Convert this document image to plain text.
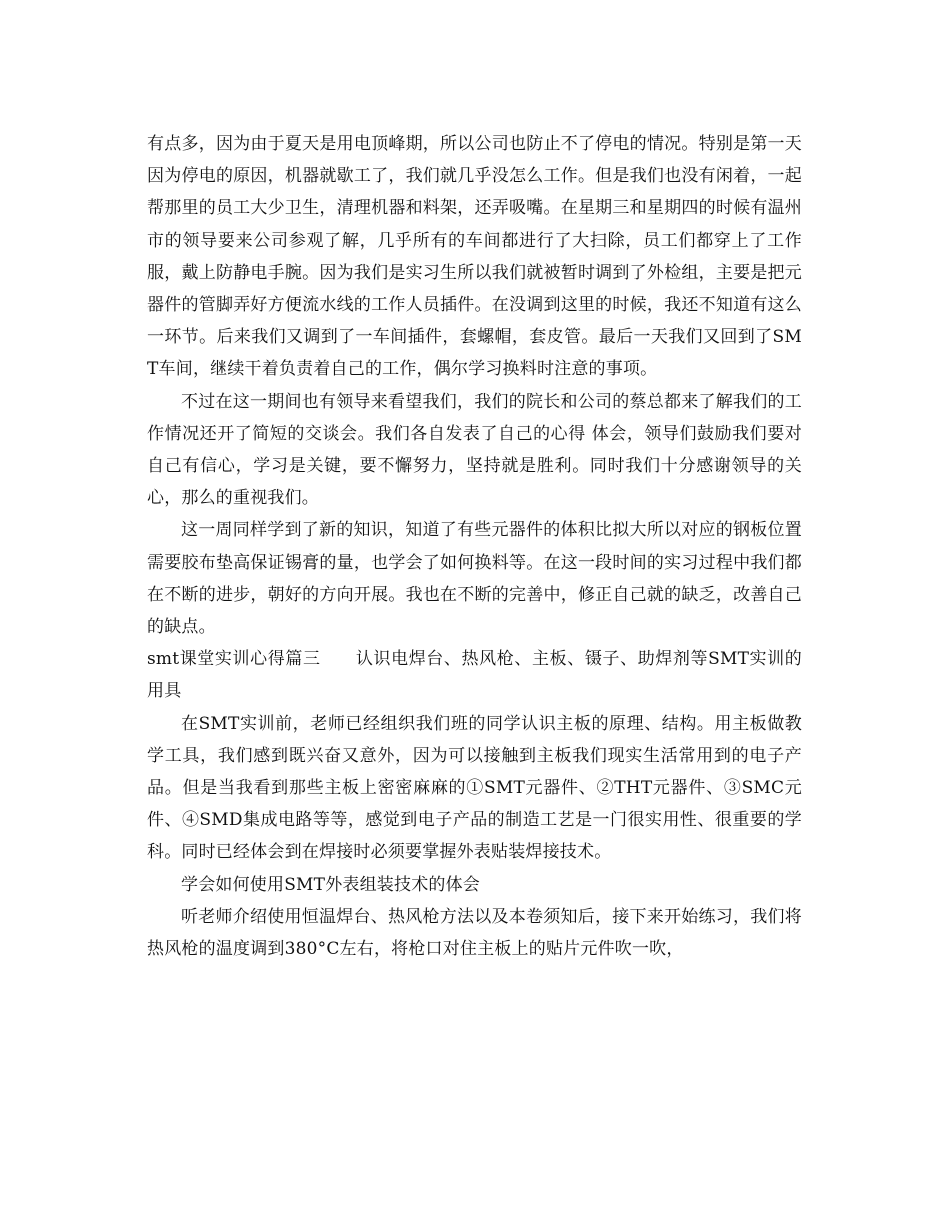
有点多，因为由于夏天是用电顶峰期，所以公司也防止不了停电的情况。特别是第一天因为停电的原因，机器就歇工了，我们就几乎没怎么工作。但是我们也没有闲着，一起帮那里的员工大少卫生，清理机器和料架，还弄吸嘴。在星期三和星期四的时候有温州市的领导要来公司参观了解，几乎所有的车间都进行了大扫除，员工们都穿上了工作服，戴上防静电手腕。因为我们是实习生所以我们就被暂时调到了外检组，主要是把元器件的管脚弄好方便流水线的工作人员插件。在没调到这里的时候，我还不知道有这么一环节。后来我们又调到了一车间插件，套螺帽，套皮管。最后一天我们又回到了SMT车间，继续干着负责着自己的工作，偶尔学习换料时注意的事项。

不过在这一期间也有领导来看望我们，我们的院长和公司的蔡总都来了解我们的工作情况还开了简短的交谈会。我们各自发表了自己的心得 体会，领导们鼓励我们要对自己有信心，学习是关键，要不懈努力，坚持就是胜利。同时我们十分感谢领导的关心，那么的重视我们。

这一周同样学到了新的知识，知道了有些元器件的体积比拟大所以对应的钢板位置需要胶布垫高保证锡膏的量，也学会了如何换料等。在这一段时间的实习过程中我们都在不断的进步，朝好的方向开展。我也在不断的完善中，修正自己就的缺乏，改善自己的缺点。

smt课堂实训心得篇三　　认识电焊台、热风枪、主板、镊子、助焊剂等SMT实训的用具

在SMT实训前，老师已经组织我们班的同学认识主板的原理、结构。用主板做教学工具，我们感到既兴奋又意外，因为可以接触到主板我们现实生活常用到的电子产品。但是当我看到那些主板上密密麻麻的①SMT元器件、②THT元器件、③SMC元件、④SMD集成电路等等，感觉到电子产品的制造工艺是一门很实用性、很重要的学科。同时已经体会到在焊接时必须要掌握外表贴装焊接技术。

学会如何使用SMT外表组装技术的体会

听老师介绍使用恒温焊台、热风枪方法以及本卷须知后，接下来开始练习，我们将热风枪的温度调到380°C左右，将枪口对住主板上的贴片元件吹一吹，
